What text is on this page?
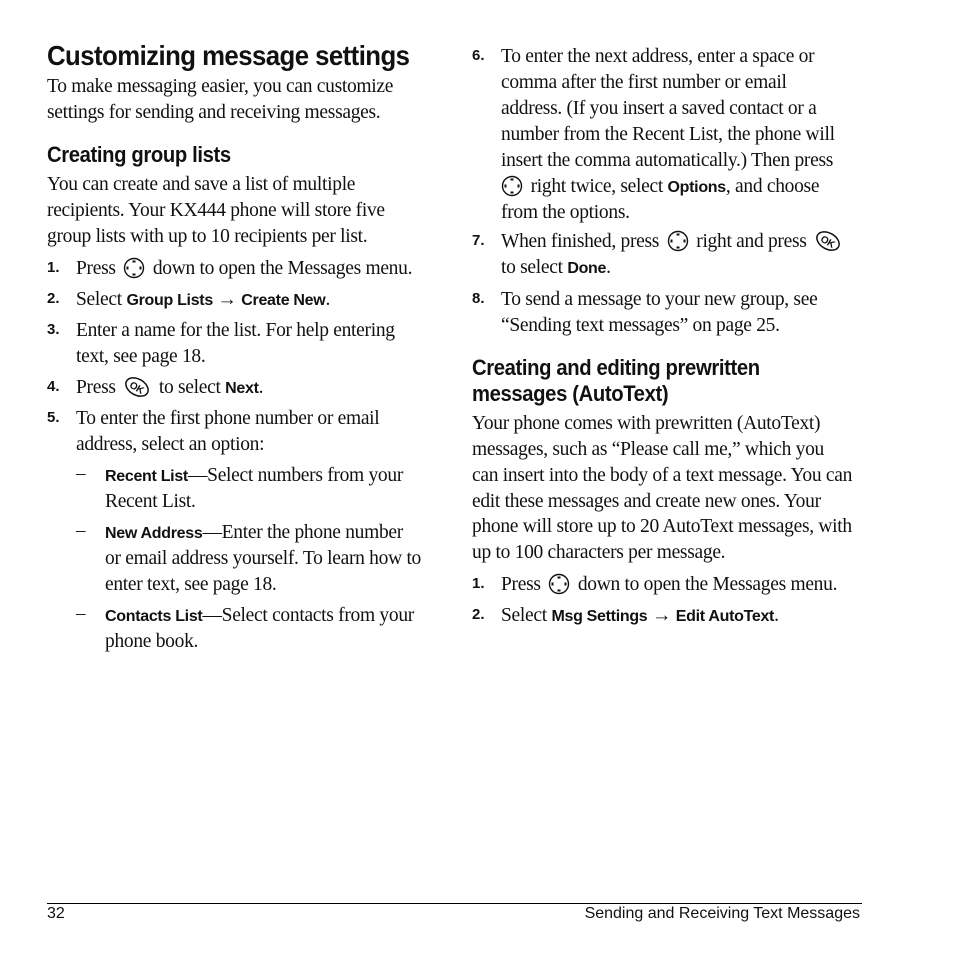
Customizing message settings

To make messaging easier, you can customize

settings for sending and receiving messages.

Creating group lists

You can create and save a list of multiple

recipients. Your KX444 phone will store five

group lists with up to 10 recipients per list.

1. Press down to open the Messages menu.
2. Select Group Lists → Create New.
3. Enter a name for the list. For help entering
text, see page 18.
4. Press to select Next.
5. To enter the first phone number or email
address, select an option:
– Recent List—Select numbers from your
Recent List.
– New Address—Enter the phone number
or email address yourself. To learn how to
enter text, see page 18.
– Contacts List—Select contacts from your
phone book.
6. To enter the next address, enter a space or
comma after the first number or email
address. (If you insert a saved contact or a
number from the Recent List, the phone will
insert the comma automatically.) Then press
right twice, select Options, and choose
from the options.
7. When finished, press right and press
to select Done.
8. To send a message to your new group, see
“Sending text messages” on page 25.
Creating and editing prewritten
messages (AutoText)

Your phone comes with prewritten (AutoText)

messages, such as “Please call me,” which you

can insert into the body of a text message. You can

edit these messages and create new ones. Your

phone will store up to 20 AutoText messages, with

up to 100 characters per message.

1. Press down to open the Messages menu.
2. Select Msg Settings → Edit AutoText.
32	Sending and Receiving Text Messages
